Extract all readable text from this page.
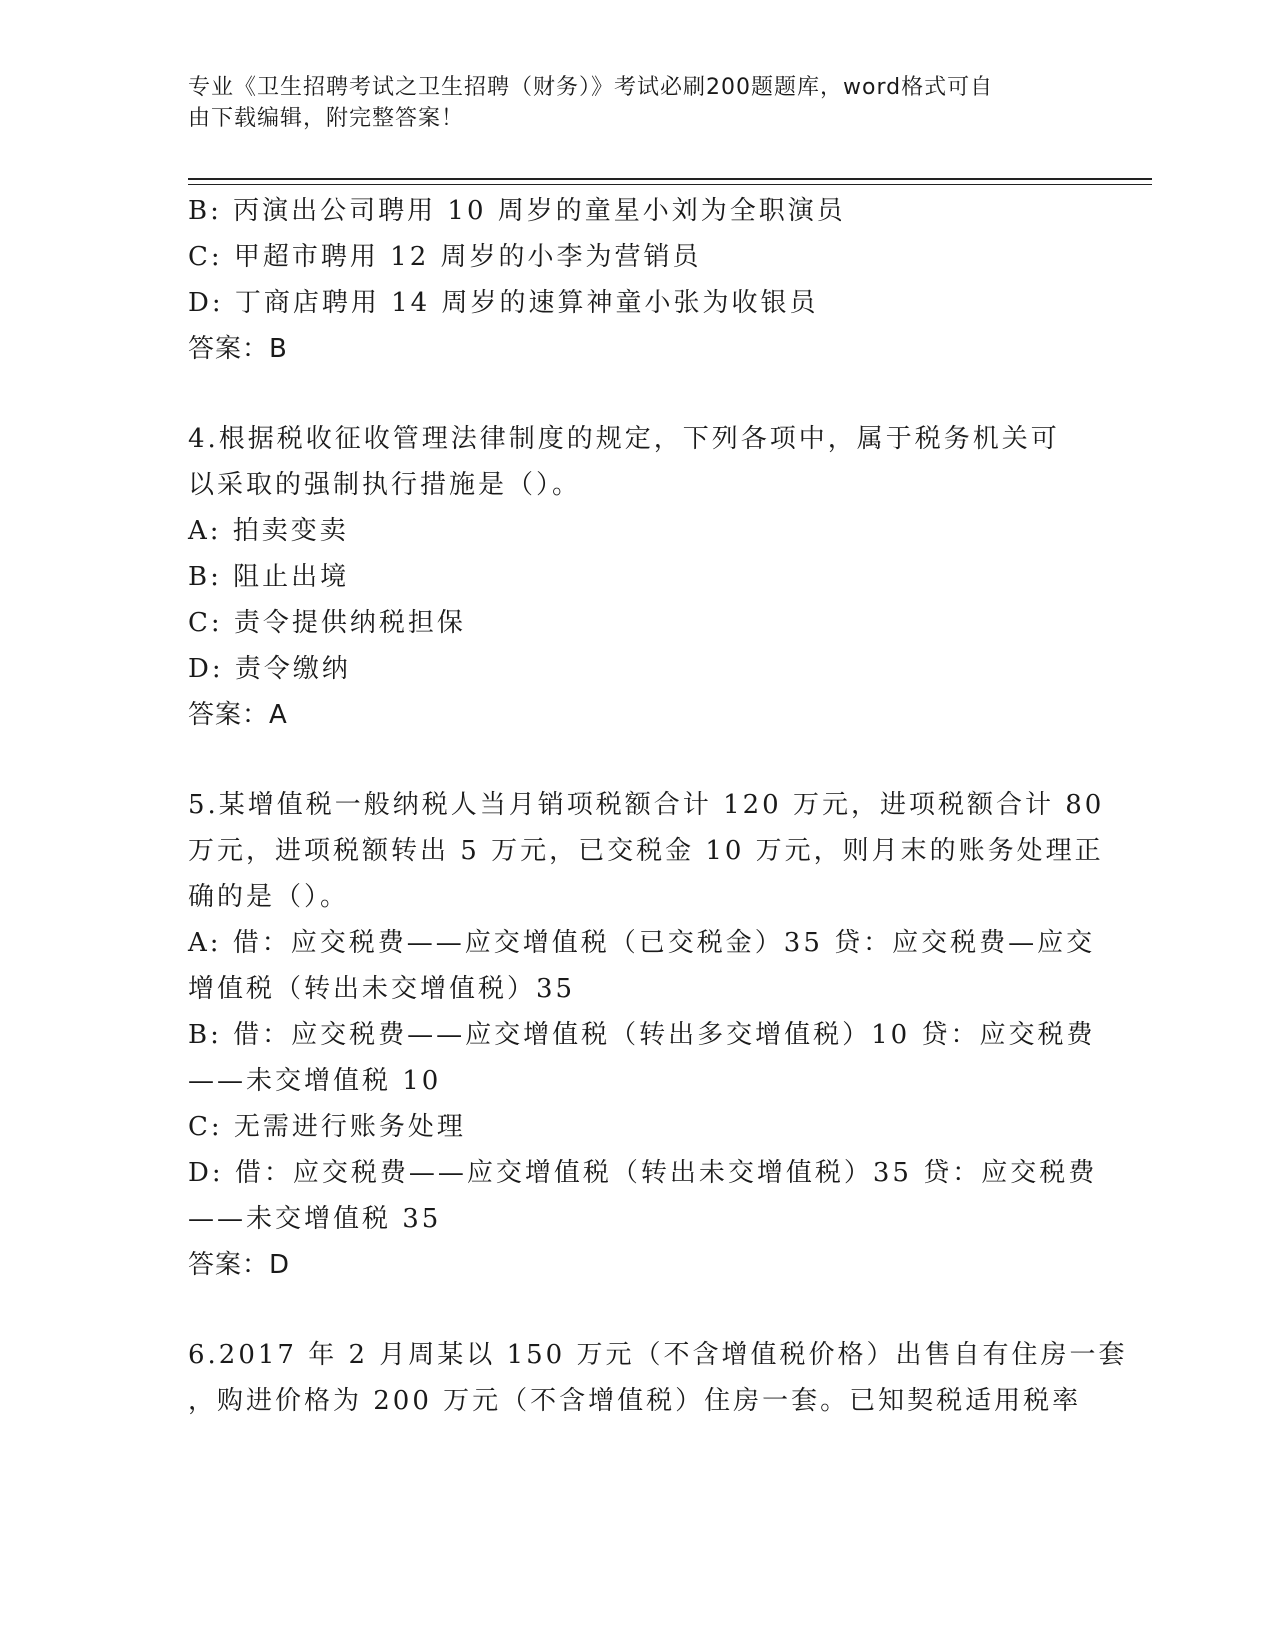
专业《卫生招聘考试之卫生招聘（财务）》考试必刷200题题库，word格式可自
由下载编辑，附完整答案！
B: 丙演出公司聘用 10 周岁的童星小刘为全职演员
C: 甲超市聘用 12 周岁的小李为营销员
D: 丁商店聘用 14 周岁的速算神童小张为收银员
答案：B
4.根据税收征收管理法律制度的规定，下列各项中，属于税务机关可
以采取的强制执行措施是（）。
A: 拍卖变卖
B: 阻止出境
C: 责令提供纳税担保
D: 责令缴纳
答案：A
5.某增值税一般纳税人当月销项税额合计 120 万元，进项税额合计 80
万元，进项税额转出 5 万元，已交税金 10 万元，则月末的账务处理正
确的是（）。
A: 借：应交税费——应交增值税（已交税金）35 贷：应交税费—应交
增值税（转出未交增值税）35
B: 借：应交税费——应交增值税（转出多交增值税）10 贷：应交税费
——未交增值税 10
C: 无需进行账务处理
D: 借：应交税费——应交增值税（转出未交增值税）35 贷：应交税费
——未交增值税 35
答案：D
6.2017 年 2 月周某以 150 万元（不含增值税价格）出售自有住房一套
，购进价格为 200 万元（不含增值税）住房一套。已知契税适用税率
